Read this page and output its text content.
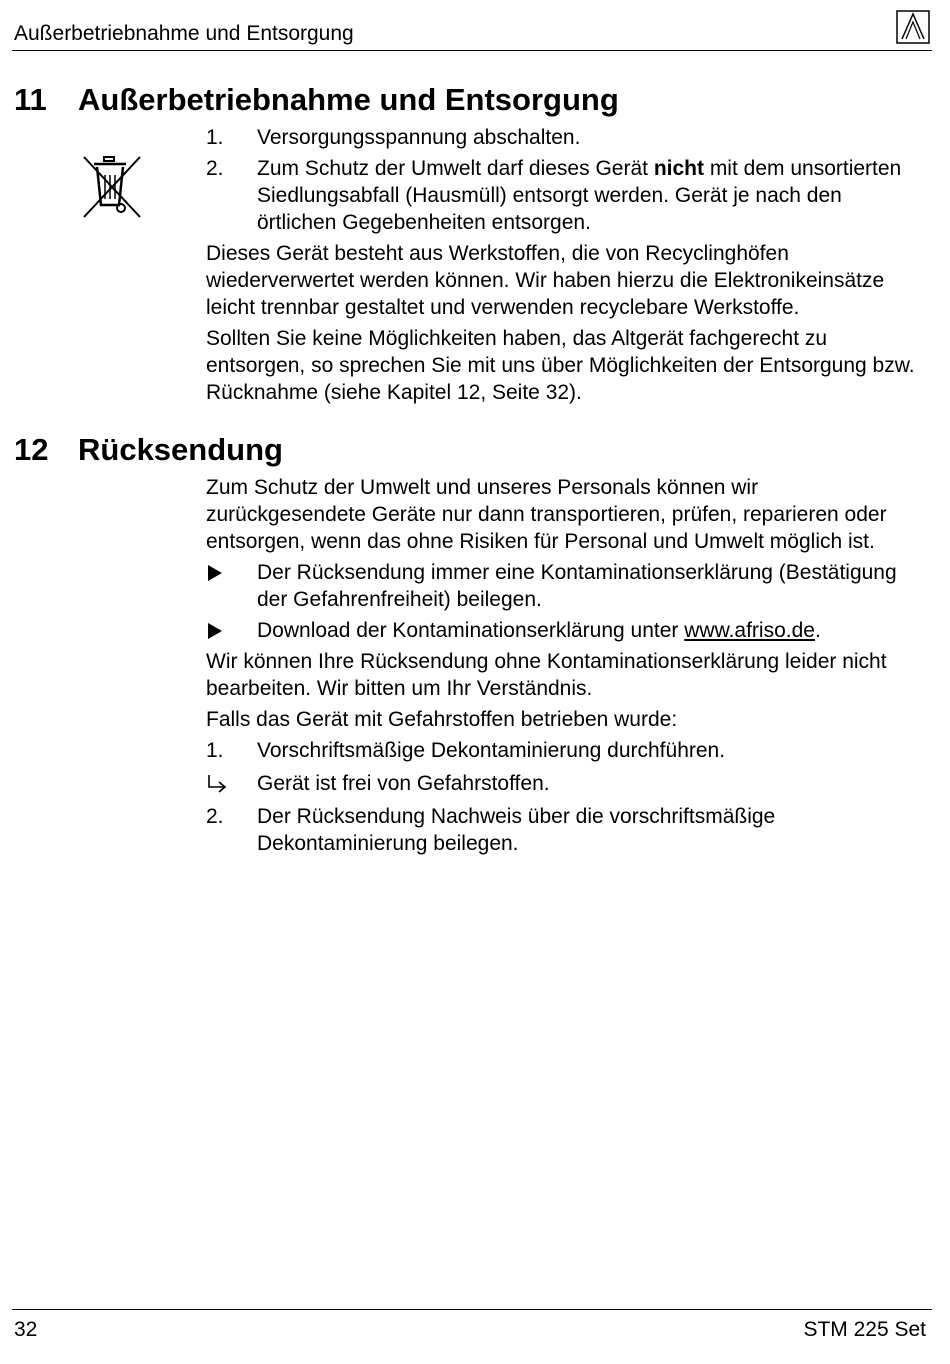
Außerbetriebnahme und Entsorgung
11 Außerbetriebnahme und Entsorgung
1. Versorgungsspannung abschalten.
2. Zum Schutz der Umwelt darf dieses Gerät nicht mit dem unsortierten Siedlungsabfall (Hausmüll) entsorgt werden. Gerät je nach den örtlichen Gegebenheiten entsorgen.

Dieses Gerät besteht aus Werkstoffen, die von Recyclinghöfen wiederverwertet werden können. Wir haben hierzu die Elektronikeinsätze leicht trennbar gestaltet und verwenden recyclebare Werkstoffe.

Sollten Sie keine Möglichkeiten haben, das Altgerät fachgerecht zu entsorgen, so sprechen Sie mit uns über Möglichkeiten der Entsorgung bzw. Rücknahme (siehe Kapitel 12, Seite 32).

12 Rücksendung

Zum Schutz der Umwelt und unseres Personals können wir zurückgesendete Geräte nur dann transportieren, prüfen, reparieren oder entsorgen, wenn das ohne Risiken für Personal und Umwelt möglich ist.

Der Rücksendung immer eine Kontaminationserklärung (Bestätigung der Gefahrenfreiheit) beilegen.
Download der Kontaminationserklärung unter www.afriso.de.

Wir können Ihre Rücksendung ohne Kontaminationserklärung leider nicht bearbeiten. Wir bitten um Ihr Verständnis.

Falls das Gerät mit Gefahrstoffen betrieben wurde:

1. Vorschriftsmäßige Dekontaminierung durchführen.
Gerät ist frei von Gefahrstoffen.
2. Der Rücksendung Nachweis über die vorschriftsmäßige Dekontaminierung beilegen.
32	STM 225 Set
